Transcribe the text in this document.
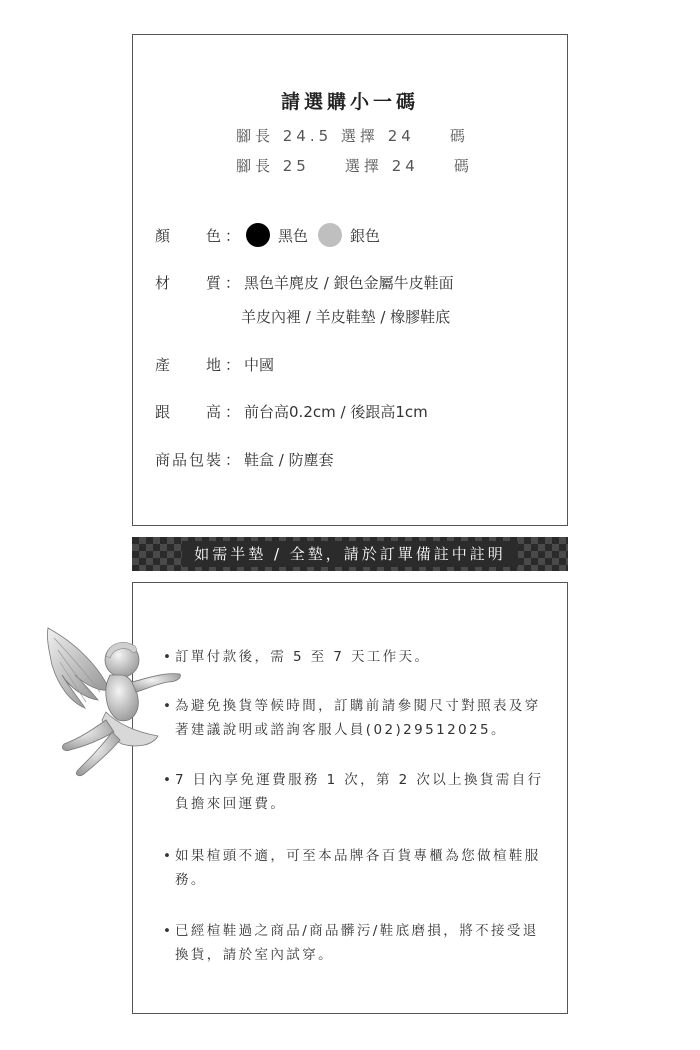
請選購小一碼
腳長 24.5 選擇 24    碼
腳長 25    選擇 24    碼
顏　　色 ：	黑色	銀色
材　　質 ： 黑色羊麂皮 / 銀色金屬牛皮鞋面
羊皮內裡 / 羊皮鞋墊 / 橡膠鞋底
產　　地 ： 中國
跟　　高 ： 前台高0.2cm / 後跟高1cm
商品包裝 ： 鞋盒 / 防塵套
如需半墊 / 全墊，請於訂單備註中註明
• 訂單付款後，需 5 至 7 天工作天。
• 為避免換貨等候時間，訂購前請參閱尺寸對照表及穿著建議說明或諮詢客服人員(02)29512025。
• 7 日內享免運費服務 1 次，第 2 次以上換貨需自行負擔來回運費。
• 如果楦頭不適，可至本品牌各百貨專櫃為您做楦鞋服務。
• 已經楦鞋過之商品/商品髒污/鞋底磨損，將不接受退換貨，請於室內試穿。
